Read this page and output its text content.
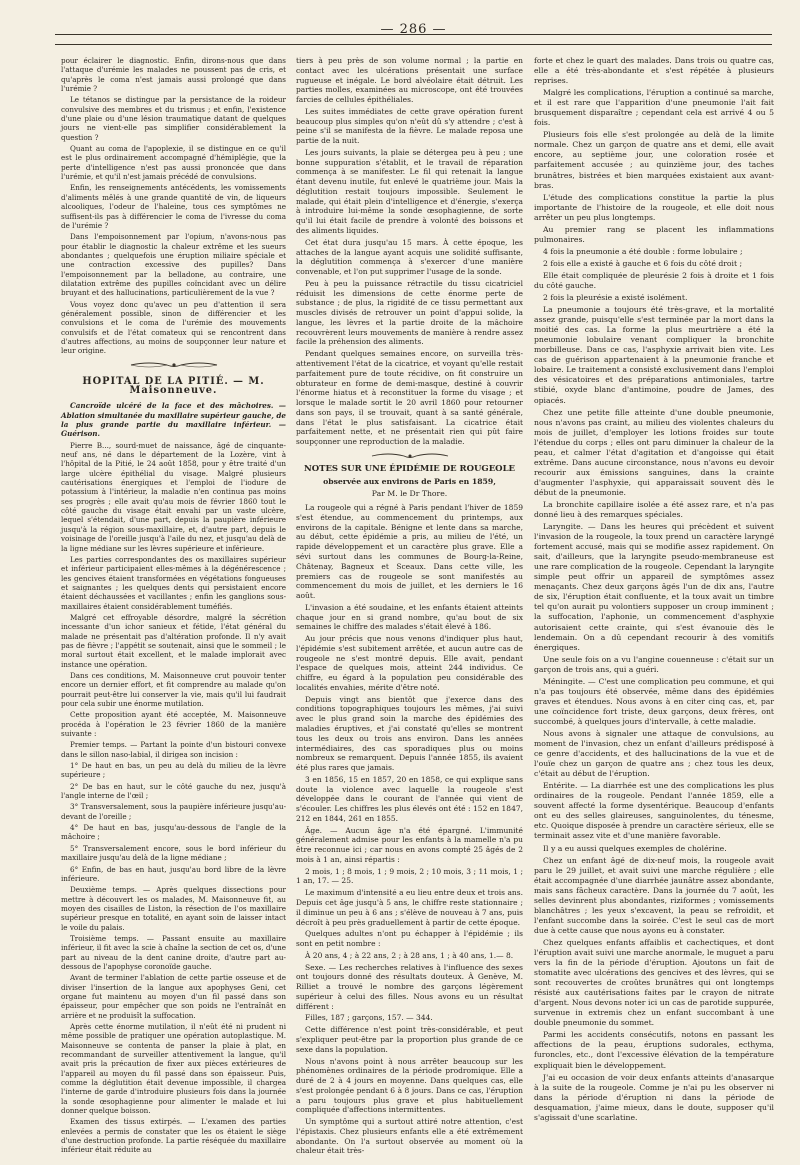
— 286 —

pour éclairer le diagnostic. Enfin, dirons-nous que dans l'attaque d'urémie les malades ne poussent pas de cris, et qu'après le coma n'est jamais aussi prolongé que dans l'urémie ?

Le tétanos se distingue par la persistance de la roideur convulsive des membres et du trismus ; et enfin, l'existence d'une plaie ou d'une lésion traumatique datant de quelques jours ne vient-elle pas simplifier considérablement la question ?

Quant au coma de l'apoplexie, il se distingue en ce qu'il est le plus ordinairement accompagné d'hémiplégie, que la perte d'intelligence n'est pas aussi prononcée que dans l'urémie, et qu'il n'est jamais précédé de convulsions.

Enfin, les renseignements antécédents, les vomissements d'aliments mêlés à une grande quantité de vin, de liqueurs alcooliques, l'odeur de l'haleine, tous ces symptômes ne suffisent-ils pas à différencier le coma de l'ivresse du coma de l'urémie ?

Dans l'empoisonnement par l'opium, n'avons-nous pas pour établir le diagnostic la chaleur extrême et les sueurs abondantes ; quelquefois une éruption miliaire spéciale et une contraction excessive des pupilles? Dans l'empoisonnement par la belladone, au contraire, une dilatation extrême des pupilles coïncidant avec un délire bruyant et des hallucinations, particulièrement de la vue ?

Vous voyez donc qu'avec un peu d'attention il sera généralement possible, sinon de différencier et les convulsions et le coma de l'urémie des mouvements convulsifs et de l'état comateux qui se rencontrent dans d'autres affections, au moins de soupçonner leur nature et leur origine.

HOPITAL DE LA PITIÉ. — M. Maisonneuve.

Cancroïde ulcéré de la face et des mâchoires. — Ablation simultanée du maxillaire supérieur gauche, de la plus grande partie du maxillaire inférieur. — Guérison.

Pierre B..., sourd-muet de naissance, âgé de cinquante-neuf ans, né dans le département de la Lozère, vint à l'hôpital de la Pitié, le 24 août 1858, pour y être traité d'un large ulcère épithélial du visage. Malgré plusieurs cautérisations énergiques et l'emploi de l'iodure de potassium à l'intérieur, la maladie n'en continua pas moins ses progrès ; elle avait qu'au mois de février 1860 tout le côté gauche du visage était envahi par un vaste ulcère, lequel s'étendait, d'une part, depuis la paupière inférieure jusqu'à la région sous-maxillaire, et, d'autre part, depuis le voisinage de l'oreille jusqu'à l'aile du nez, et jusqu'au delà de la ligne médiane sur les lèvres supérieure et inférieure.

Les parties correspondantes des os maxillaires supérieur et inférieur participaient elles-mêmes à la dégénérescence ; les gencives étaient transformées en végétations fongueuses et saignantes ; les quelques dents qui persistaient encore étaient déchaussées et vacillantes ; enfin les ganglions sous-maxillaires étaient considérablement tuméfiés.

Malgré cet effroyable désordre, malgré la sécrétion incessante d'un ichor sanieux et fétide, l'état général du malade ne présentait pas d'altération profonde. Il n'y avait pas de fièvre ; l'appétit se soutenait, ainsi que le sommeil ; le moral surtout était excellent, et le malade implorait avec instance une opération.

Dans ces conditions, M. Maisonneuve crut pouvoir tenter encore un dernier effort, et fit comprendre au malade qu'on pourrait peut-être lui conserver la vie, mais qu'il lui faudrait pour cela subir une énorme mutilation.

Cette proposition ayant été acceptée, M. Maisonneuve procéda à l'opération le 23 février 1860 de la manière suivante :

Premier temps. — Partant la pointe d'un bistouri convexe dans le sillon naso-labial, il dirigea son incision :

1° De haut en bas, un peu au delà du milieu de la lèvre supérieure ;

2° De bas en haut, sur le côté gauche du nez, jusqu'à l'angle interne de l'œil ;

3° Transversalement, sous la paupière inférieure jusqu'au-devant de l'oreille ;

4° De haut en bas, jusqu'au-dessous de l'angle de la mâchoire ;

5° Transversalement encore, sous le bord inférieur du maxillaire jusqu'au delà de la ligne médiane ;

6° Enfin, de bas en haut, jusqu'au bord libre de la lèvre inférieure.

Deuxième temps. — Après quelques dissections pour mettre à découvert les os malades, M. Maisonneuve fit, au moyen des cisailles de Liston, la résection de l'os maxillaire supérieur presque en totalité, en ayant soin de laisser intact le voile du palais.

Troisième temps. — Passant ensuite au maxillaire inférieur, il fit avec la scie à chaîne la section de cet os, d'une part au niveau de la dent canine droite, d'autre part au-dessous de l'apophyse coronoïde gauche.

Avant de terminer l'ablation de cette partie osseuse et de diviser l'insertion de la langue aux apophyses Geni, cet organe fut maintenu au moyen d'un fil passé dans son épaisseur, pour empêcher que son poids ne l'entraînât en arrière et ne produisît la suffocation.

Après cette énorme mutilation, il n'eût été ni prudent ni même possible de pratiquer une opération autoplastique. M. Maisonneuve se contenta de panser la plaie à plat, en recommandant de surveiller attentivement la langue, qu'il avait pris la précaution de fixer aux pièces extérieures de l'appareil au moyen du fil passé dans son épaisseur. Puis, comme la déglutition était devenue impossible, il chargea l'interne de garde d'introduire plusieurs fois dans la journée la sonde œsophagienne pour alimenter le malade et lui donner quelque boisson.

Examen des tissus extirpés. — L'examen des parties enlevées a permis de constater que les os étaient le siège d'une destruction profonde. La partie réséquée du maxillaire inférieur était réduite au

tiers à peu près de son volume normal ; la partie en contact avec les ulcérations présentait une surface rugueuse et inégale. Le bord alvéolaire était détruit. Les parties molles, examinées au microscope, ont été trouvées farcies de cellules épithéliales.

Les suites immédiates de cette grave opération furent beaucoup plus simples qu'on n'eût dû s'y attendre ; c'est à peine s'il se manifesta de la fièvre. Le malade reposa une partie de la nuit.

Les jours suivants, la plaie se détergea peu à peu ; une bonne suppuration s'établit, et le travail de réparation commença à se manifester. Le fil qui retenait la langue étant devenu inutile, fut enlevé le quatrième jour. Mais la déglutition restait toujours impossible. Seulement le malade, qui était plein d'intelligence et d'énergie, s'exerça à introduire lui-même la sonde œsophagienne, de sorte qu'il lui était facile de prendre à volonté des boissons et des aliments liquides.

Cet état dura jusqu'au 15 mars. À cette époque, les attaches de la langue ayant acquis une solidité suffisante, la déglutition commença à s'exercer d'une manière convenable, et l'on put supprimer l'usage de la sonde.

Peu à peu la puissance rétractile du tissu cicatriciel réduisit les dimensions de cette énorme perte de substance ; de plus, la rigidité de ce tissu permettant aux muscles divisés de retrouver un point d'appui solide, la langue, les lèvres et la partie droite de la mâchoire recouvrèrent leurs mouvements de manière à rendre assez facile la préhension des aliments.

Pendant quelques semaines encore, on surveilla très-attentivement l'état de la cicatrice, et voyant qu'elle restait parfaitement pure de toute récidive, on fit construire un obturateur en forme de demi-masque, destiné à couvrir l'énorme hiatus et à reconstituer la forme du visage ; et lorsque le malade sortit le 20 avril 1860 pour retourner dans son pays, il se trouvait, quant à sa santé générale, dans l'état le plus satisfaisant. La cicatrice était parfaitement nette, et ne présentait rien qui pût faire soupçonner une reproduction de la maladie.

NOTES SUR UNE ÉPIDÉMIE DE ROUGEOLE
observée aux environs de Paris en 1859,
Par M. le Dr Thore.

La rougeole qui a régné à Paris pendant l'hiver de 1859 s'est étendue, au commencement du printemps, aux environs de la capitale. Bénigne et lente dans sa marche, au début, cette épidémie a pris, au milieu de l'été, un rapide développement et un caractère plus grave. Elle a sévi surtout dans les communes de Bourg-la-Reine, Châtenay, Bagneux et Sceaux. Dans cette ville, les premiers cas de rougeole se sont manifestés au commencement du mois de juillet, et les derniers le 16 août.

L'invasion a été soudaine, et les enfants étaient atteints chaque jour en si grand nombre, qu'au bout de six semaines le chiffre des malades s'était élevé à 186.

Au jour précis que nous venons d'indiquer plus haut, l'épidémie s'est subitement arrêtée, et aucun autre cas de rougeole ne s'est montré depuis. Elle avait, pendant l'espace de quelques mois, atteint 244 individus. Ce chiffre, eu égard à la population peu considérable des localités envahies, mérite d'être noté.

Depuis vingt ans bientôt que j'exerce dans des conditions topographiques toujours les mêmes, j'ai suivi avec le plus grand soin la marche des épidémies des maladies éruptives, et j'ai constaté qu'elles se montrent tous les deux ou trois ans environ. Dans les années intermédiaires, des cas sporadiques plus ou moins nombreux se remarquent. Depuis l'année 1855, ils avaient été plus rares que jamais.

3 en 1856, 15 en 1857, 20 en 1858, ce qui explique sans doute la violence avec laquelle la rougeole s'est développée dans le courant de l'année qui vient de s'écouler. Les chiffres les plus élevés ont été : 152 en 1847, 212 en 1844, 261 en 1855.

Âge. — Aucun âge n'a été épargné. L'immunité généralement admise pour les enfants à la mamelle n'a pu être reconnue ici ; car nous en avons compté 25 âgés de 2 mois à 1 an, ainsi répartis :

2 mois, 1 ; 8 mois, 1 ; 9 mois, 2 ; 10 mois, 3 ; 11 mois, 1 ; 1 an, 17. — 25.

Le maximum d'intensité a eu lieu entre deux et trois ans. Depuis cet âge jusqu'à 5 ans, le chiffre reste stationnaire ; il diminue un peu à 6 ans ; s'élève de nouveau à 7 ans, puis décroît à peu près graduellement à partir de cette époque.

Quelques adultes n'ont pu échapper à l'épidémie ; ils sont en petit nombre :

À 20 ans, 4 ; à 22 ans, 2 ; à 28 ans, 1 ; à 40 ans, 1.— 8.

Sexe. — Les recherches relatives à l'influence des sexes ont toujours donné des résultats douteux. À Genève, M. Rilliet a trouvé le nombre des garçons légèrement supérieur à celui des filles. Nous avons eu un résultat différent :

Filles, 187 ; garçons, 157. — 344.

Cette différence n'est point très-considérable, et peut s'expliquer peut-être par la proportion plus grande de ce sexe dans la population.

Nous n'avons point à nous arrêter beaucoup sur les phénomènes ordinaires de la période prodromique. Elle a duré de 2 à 4 jours en moyenne. Dans quelques cas, elle s'est prolongée pendant 6 à 8 jours. Dans ce cas, l'éruption a paru toujours plus grave et plus habituellement compliquée d'affections intermittentes.

Un symptôme qui a surtout attiré notre attention, c'est l'épistaxis. Chez plusieurs enfants elle a été extrêmement abondante. On l'a surtout observée au moment où la chaleur était très-

forte et chez le quart des malades. Dans trois ou quatre cas, elle a été très-abondante et s'est répétée à plusieurs reprises.

Malgré les complications, l'éruption a continué sa marche, et il est rare que l'apparition d'une pneumonie l'ait fait brusquement disparaître ; cependant cela est arrivé 4 ou 5 fois.

Plusieurs fois elle s'est prolongée au delà de la limite normale. Chez un garçon de quatre ans et demi, elle avait encore, au septième jour, une coloration rosée et parfaitement accusée ; au quinzième jour, des taches brunâtres, bistrées et bien marquées existaient aux avant-bras.

L'étude des complications constitue la partie la plus importante de l'histoire de la rougeole, et elle doit nous arrêter un peu plus longtemps.

Au premier rang se placent les inflammations pulmonaires.

4 fois la pneumonie a été double : forme lobulaire ;

2 fois elle a existé à gauche et 6 fois du côté droit ;

Elle était compliquée de pleurésie 2 fois à droite et 1 fois du côté gauche.

2 fois la pleurésie a existé isolément.

La pneumonie a toujours été très-grave, et la mortalité assez grande, puisqu'elle s'est terminée par la mort dans la moitié des cas. La forme la plus meurtrière a été la pneumonie lobulaire venant compliquer la bronchite morbilleuse. Dans ce cas, l'asphyxie arrivait bien vite. Les cas de guérison appartenaient à la pneumonie franche et lobaire. Le traitement a consisté exclusivement dans l'emploi des vésicatoires et des préparations antimoniales, tartre stibié, oxyde blanc d'antimoine, poudre de James, des opiacés.

Chez une petite fille atteinte d'une double pneumonie, nous n'avons pas craint, au milieu des violentes chaleurs du mois de juillet, d'employer les lotions froides sur toute l'étendue du corps ; elles ont paru diminuer la chaleur de la peau, et calmer l'état d'agitation et d'angoisse qui était extrême. Dans aucune circonstance, nous n'avons eu devoir recourir aux émissions sanguines, dans la crainte d'augmenter l'asphyxie, qui apparaissait souvent dès le début de la pneumonie.

La bronchite capillaire isolée a été assez rare, et n'a pas donné lieu à des remarques spéciales.

Laryngite. — Dans les heures qui précèdent et suivent l'invasion de la rougeole, la toux prend un caractère laryngé fortement accusé, mais qui se modifie assez rapidement. On sait, d'ailleurs, que la laryngite pseudo-membraneuse est une rare complication de la rougeole. Cependant la laryngite simple peut offrir un appareil de symptômes assez menaçants. Chez deux garçons âgés l'un de dix ans, l'autre de six, l'éruption était confluente, et la toux avait un timbre tel qu'on aurait pu volontiers supposer un croup imminent ; la suffocation, l'aphonie, un commencement d'asphyxie autorisaient cette crainte, qui s'est évanouie dès le lendemain. On a dû cependant recourir à des vomitifs énergiques.

Une seule fois on a vu l'angine couenneuse : c'était sur un garçon de trois ans, qui a guéri.

Méningite. — C'est une complication peu commune, et qui n'a pas toujours été observée, même dans des épidémies graves et étendues. Nous avons à en citer cinq cas, et, par une coïncidence fort triste, deux garçons, deux frères, ont succombé, à quelques jours d'intervalle, à cette maladie.

Nous avons à signaler une attaque de convulsions, au moment de l'invasion, chez un enfant d'ailleurs prédisposé à ce genre d'accidents, et des hallucinations de la vue et de l'ouïe chez un garçon de quatre ans ; chez tous les deux, c'était au début de l'éruption.

Entérite. — La diarrhée est une des complications les plus ordinaires de la rougeole. Pendant l'année 1859, elle a souvent affecté la forme dysentérique. Beaucoup d'enfants ont eu des selles glaireuses, sanguinolentes, du ténesme, etc. Quoique disposée à prendre un caractère sérieux, elle se terminait assez vite et d'une manière favorable.

Il y a eu aussi quelques exemples de cholérine.

Chez un enfant âgé de dix-neuf mois, la rougeole avait paru le 29 juillet, et avait suivi une marche régulière ; elle était accompagnée d'une diarrhée jaunâtre assez abondante, mais sans fâcheux caractère. Dans la journée du 7 août, les selles devinrent plus abondantes, riziformes ; vomissements blanchâtres ; les yeux s'excavent, la peau se refroidit, et l'enfant succombe dans la soirée. C'est le seul cas de mort due à cette cause que nous ayons eu à constater.

Chez quelques enfants affaiblis et cachectiques, et dont l'éruption avait suivi une marche anormale, le muguet a paru vers la fin de la période d'éruption. Ajoutons un fait de stomatite avec ulcérations des gencives et des lèvres, qui se sont recouvertes de croûtes brunâtres qui ont longtemps résisté aux cautérisations faites par le crayon de nitrate d'argent. Nous devons noter ici un cas de parotide suppurée, survenue in extremis chez un enfant succombant à une double pneumonie du sommet.

Parmi les accidents consécutifs, notons en passant les affections de la peau, éruptions sudorales, ecthyma, furoncles, etc., dont l'excessive élévation de la température expliquait bien le développement.

J'ai eu occasion de voir deux enfants atteints d'anasarque à la suite de la rougeole. Comme je n'ai pu les observer ni dans la période d'éruption ni dans la période de desquamation, j'aime mieux, dans le doute, supposer qu'il s'agissait d'une scarlatine.
